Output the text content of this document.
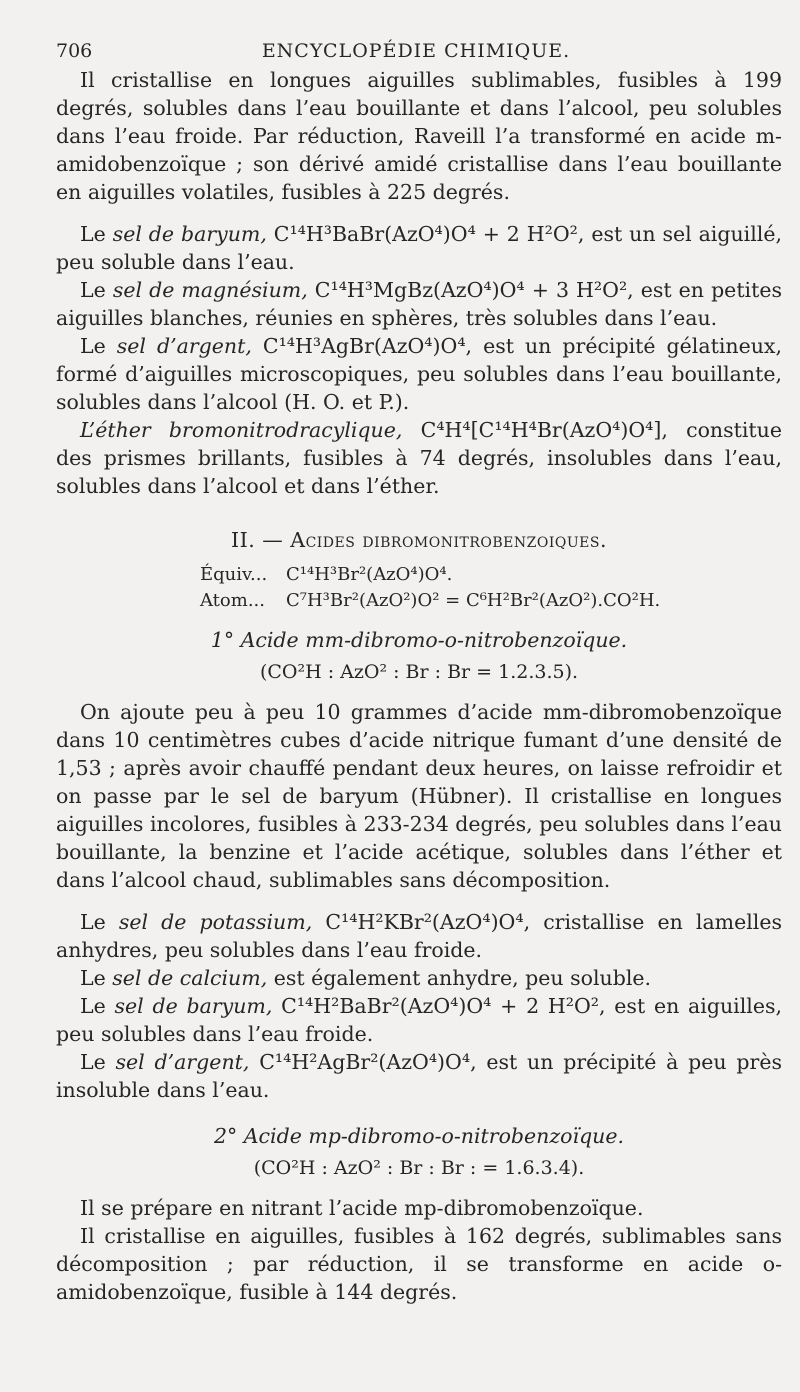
706	ENCYCLOPÉDIE CHIMIQUE.

Il cristallise en longues aiguilles sublimables, fusibles à 199 degrés, solubles dans l’eau bouillante et dans l’alcool, peu solubles dans l’eau froide. Par réduction, Raveill l’a transformé en acide m-amidobenzoïque ; son dérivé amidé cristallise dans l’eau bouillante en aiguilles volatiles, fusibles à 225 degrés.

Le sel de baryum, C¹⁴H³BaBr(AzO⁴)O⁴ + 2 H²O², est un sel aiguillé, peu soluble dans l’eau.

Le sel de magnésium, C¹⁴H³MgBz(AzO⁴)O⁴ + 3 H²O², est en petites aiguilles blanches, réunies en sphères, très solubles dans l’eau.

Le sel d’argent, C¹⁴H³AgBr(AzO⁴)O⁴, est un précipité gélatineux, formé d’aiguilles microscopiques, peu solubles dans l’eau bouillante, solubles dans l’alcool (H. O. et P.).

L’éther bromonitrodracylique, C⁴H⁴[C¹⁴H⁴Br(AzO⁴)O⁴], constitue des prismes brillants, fusibles à 74 degrés, insolubles dans l’eau, solubles dans l’alcool et dans l’éther.

II. — Acides dibromonitrobenzoiques.
Équiv... C¹⁴H³Br²(AzO⁴)O⁴.
Atom... C⁷H³Br²(AzO²)O² = C⁶H²Br²(AzO²).CO²H.
1° Acide mm-dibromo-o-nitrobenzoïque.
(CO²H : AzO² : Br : Br = 1.2.3.5).

On ajoute peu à peu 10 grammes d’acide mm-dibromobenzoïque dans 10 centimètres cubes d’acide nitrique fumant d’une densité de 1,53 ; après avoir chauffé pendant deux heures, on laisse refroidir et on passe par le sel de baryum (Hübner). Il cristallise en longues aiguilles incolores, fusibles à 233-234 degrés, peu solubles dans l’eau bouillante, la benzine et l’acide acétique, solubles dans l’éther et dans l’alcool chaud, sublimables sans décomposition.

Le sel de potassium, C¹⁴H²KBr²(AzO⁴)O⁴, cristallise en lamelles anhydres, peu solubles dans l’eau froide.

Le sel de calcium, est également anhydre, peu soluble.

Le sel de baryum, C¹⁴H²BaBr²(AzO⁴)O⁴ + 2 H²O², est en aiguilles, peu solubles dans l’eau froide.

Le sel d’argent, C¹⁴H²AgBr²(AzO⁴)O⁴, est un précipité à peu près insoluble dans l’eau.

2° Acide mp-dibromo-o-nitrobenzoïque.
(CO²H : AzO² : Br : Br : = 1.6.3.4).

Il se prépare en nitrant l’acide mp-dibromobenzoïque.

Il cristallise en aiguilles, fusibles à 162 degrés, sublimables sans décomposition ; par réduction, il se transforme en acide o-amidobenzoïque, fusible à 144 degrés.
